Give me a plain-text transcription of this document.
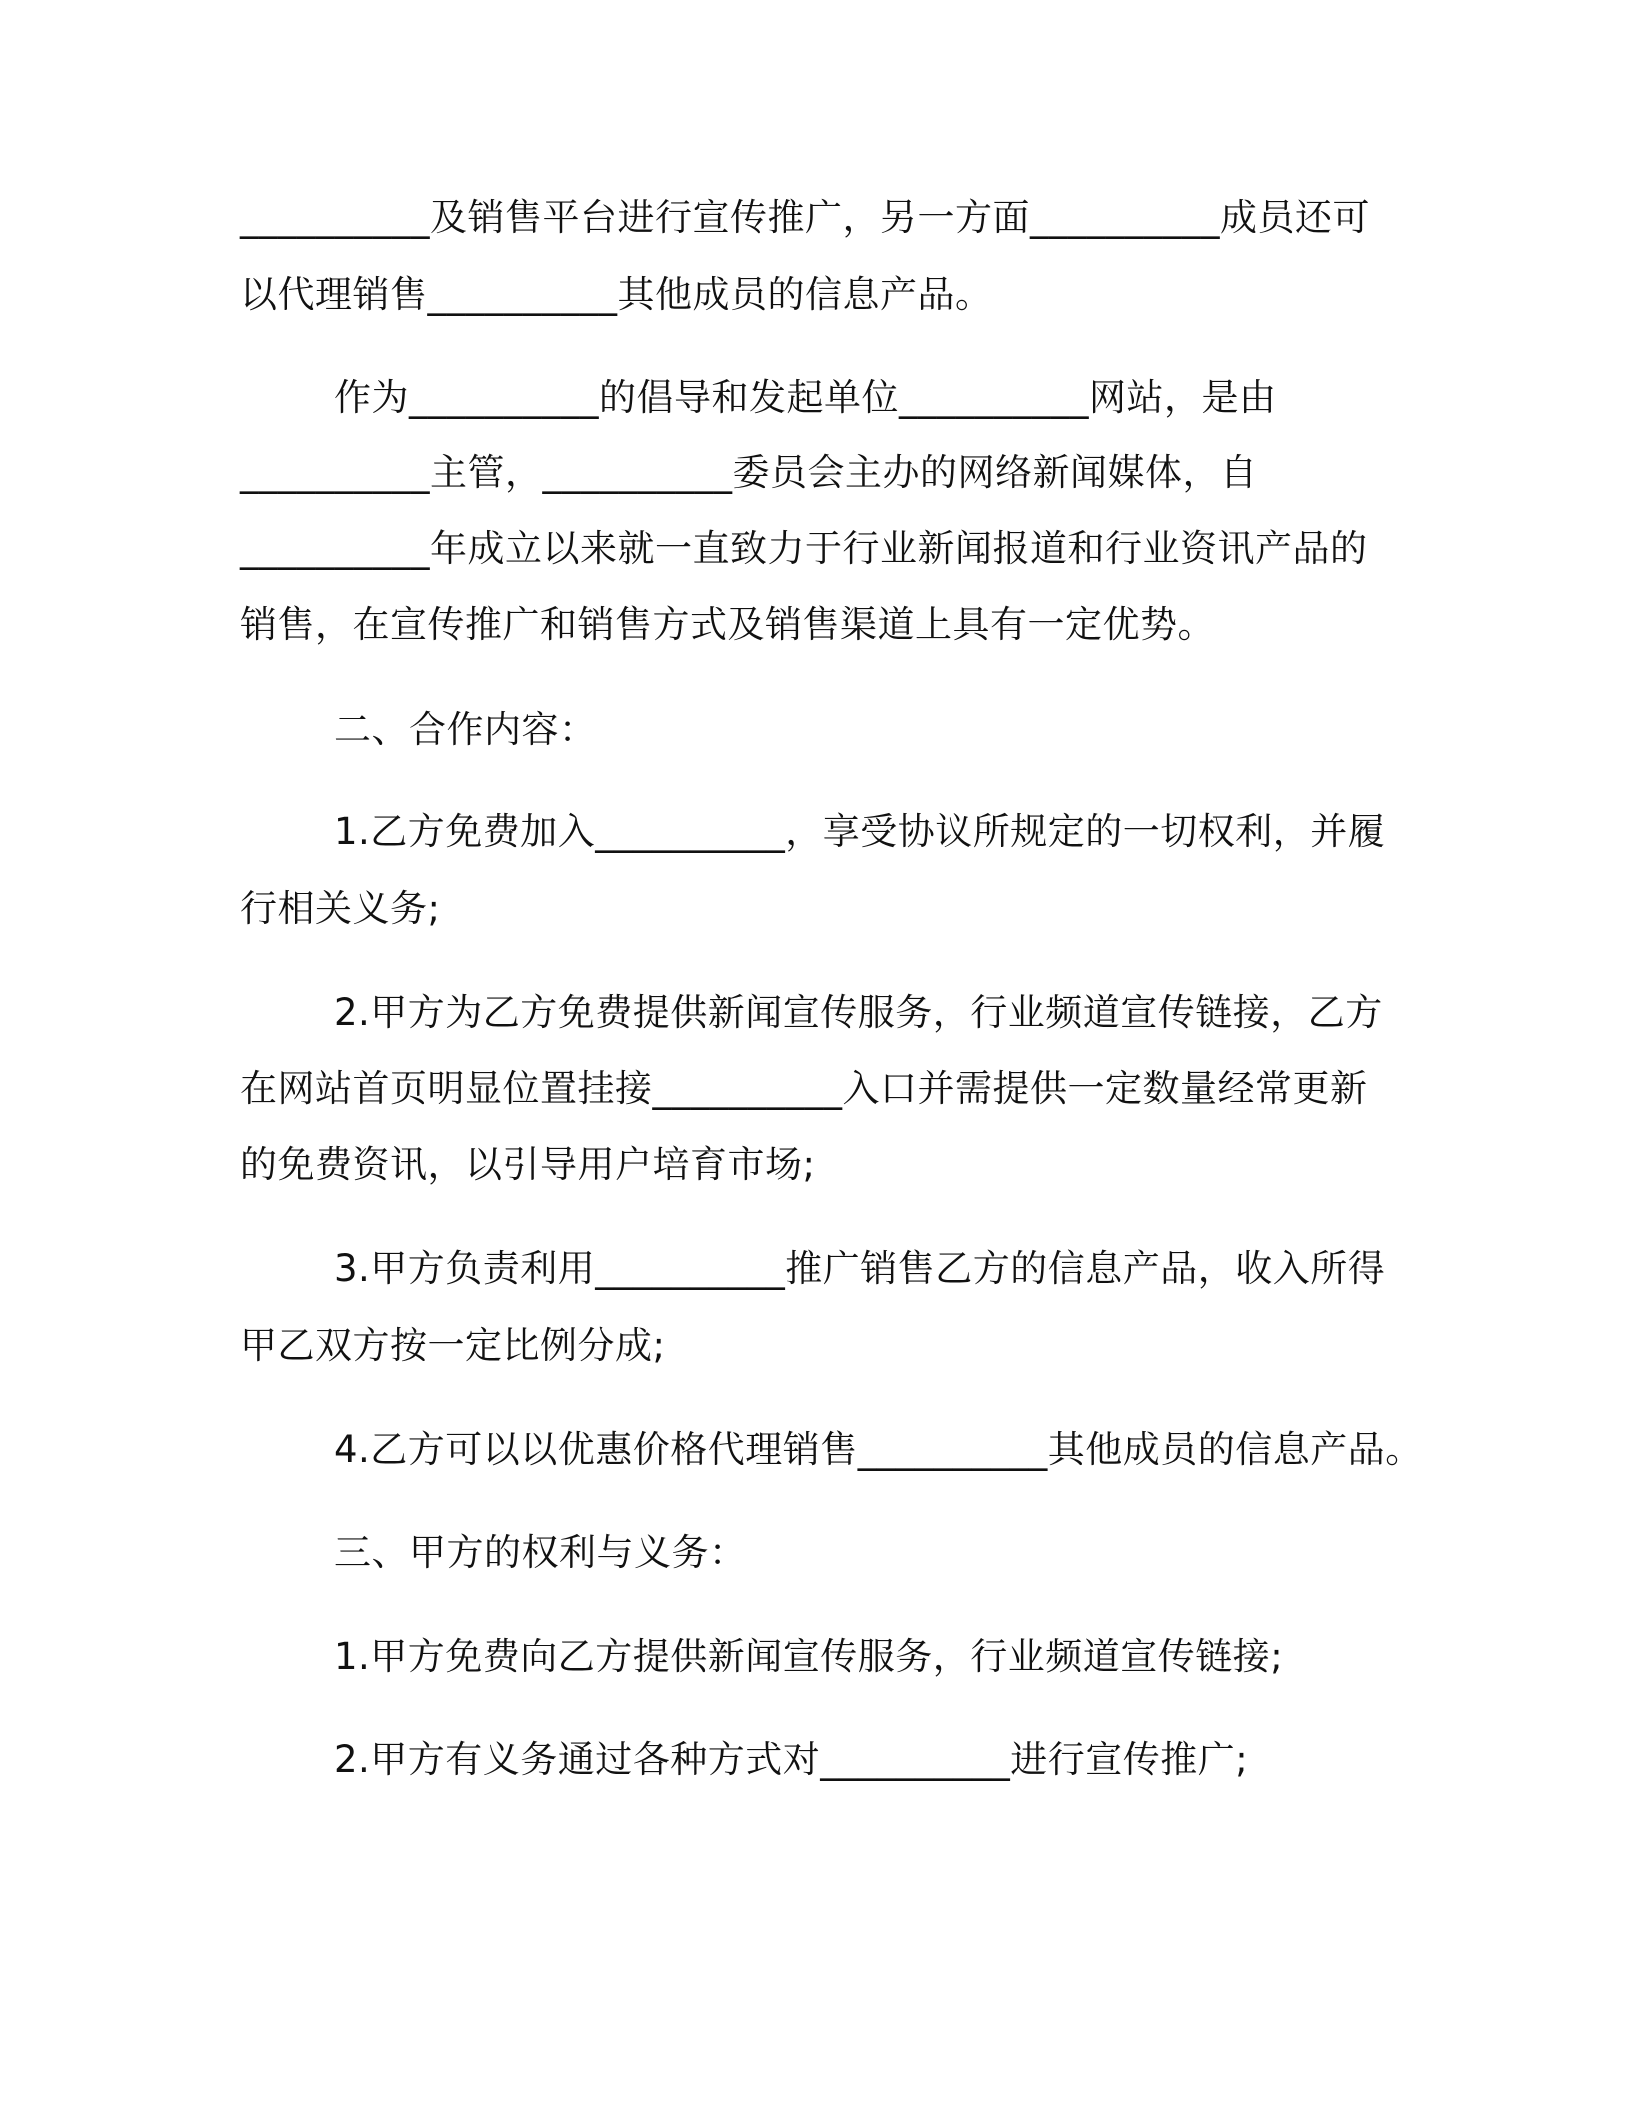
__________及销售平台进行宣传推广，另一方面__________成员还可
以代理销售__________其他成员的信息产品。
作为__________的倡导和发起单位__________网站，是由
__________主管，__________委员会主办的网络新闻媒体，自
__________年成立以来就一直致力于行业新闻报道和行业资讯产品的
销售，在宣传推广和销售方式及销售渠道上具有一定优势。
二、合作内容：
1.乙方免费加入__________，享受协议所规定的一切权利，并履
行相关义务;
2.甲方为乙方免费提供新闻宣传服务，行业频道宣传链接，乙方
在网站首页明显位置挂接__________入口并需提供一定数量经常更新
的免费资讯，以引导用户培育市场;
3.甲方负责利用__________推广销售乙方的信息产品，收入所得
甲乙双方按一定比例分成;
4.乙方可以以优惠价格代理销售__________其他成员的信息产品。
三、甲方的权利与义务：
1.甲方免费向乙方提供新闻宣传服务，行业频道宣传链接;
2.甲方有义务通过各种方式对__________进行宣传推广;
